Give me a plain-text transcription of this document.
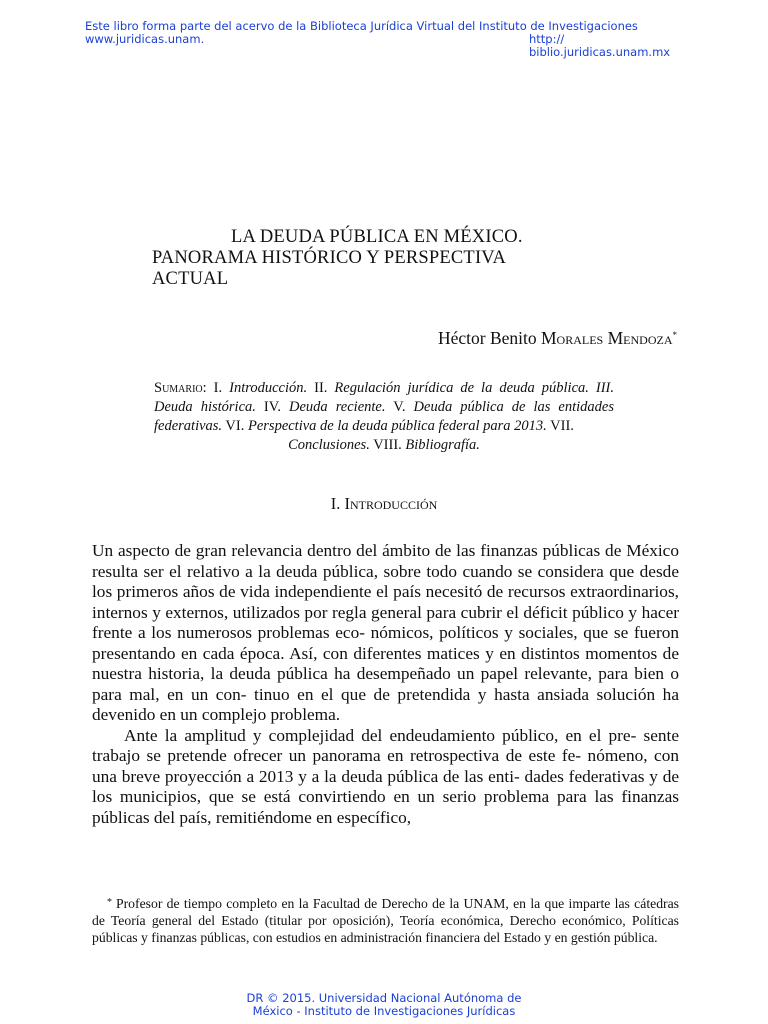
Este libro forma parte del acervo de la Biblioteca Jurídica Virtual del Instituto de Investigaciones
www.juridicas.unam.	http://
biblio.juridicas.unam.mx
LA DEUDA PÚBLICA EN MÉXICO.
PANORAMA HISTÓRICO Y PERSPECTIVA
ACTUAL
Héctor Benito Morales Mendoza*
Sumario: I. Introducción. II. Regulación jurídica de la deuda pública. III. Deuda histórica. IV. Deuda reciente. V. Deuda pública de las entidades federativas. VI. Perspectiva de la deuda pública federal para 2013. VII.
Conclusiones. VIII. Bibliografía.
I. Introducción

Un aspecto de gran relevancia dentro del ámbito de las finanzas públicas de México resulta ser el relativo a la deuda pública, sobre todo cuando se considera que desde los primeros años de vida independiente el país necesitó de recursos extraordinarios, internos y externos, utilizados por regla general para cubrir el déficit público y hacer frente a los numerosos problemas eco- nómicos, políticos y sociales, que se fueron presentando en cada época. Así, con diferentes matices y en distintos momentos de nuestra historia, la deuda pública ha desempeñado un papel relevante, para bien o para mal, en un con- tinuo en el que de pretendida y hasta ansiada solución ha devenido en un complejo problema.

Ante la amplitud y complejidad del endeudamiento público, en el pre- sente trabajo se pretende ofrecer un panorama en retrospectiva de este fe- nómeno, con una breve proyección a 2013 y a la deuda pública de las enti- dades federativas y de los municipios, que se está convirtiendo en un serio problema para las finanzas públicas del país, remitiéndome en específico,

* Profesor de tiempo completo en la Facultad de Derecho de la UNAM, en la que imparte las cátedras de Teoría general del Estado (titular por oposición), Teoría económica, Derecho económico, Políticas públicas y finanzas públicas, con estudios en administración financiera del Estado y en gestión pública.
DR © 2015. Universidad Nacional Autónoma de
México - Instituto de Investigaciones Jurídicas
